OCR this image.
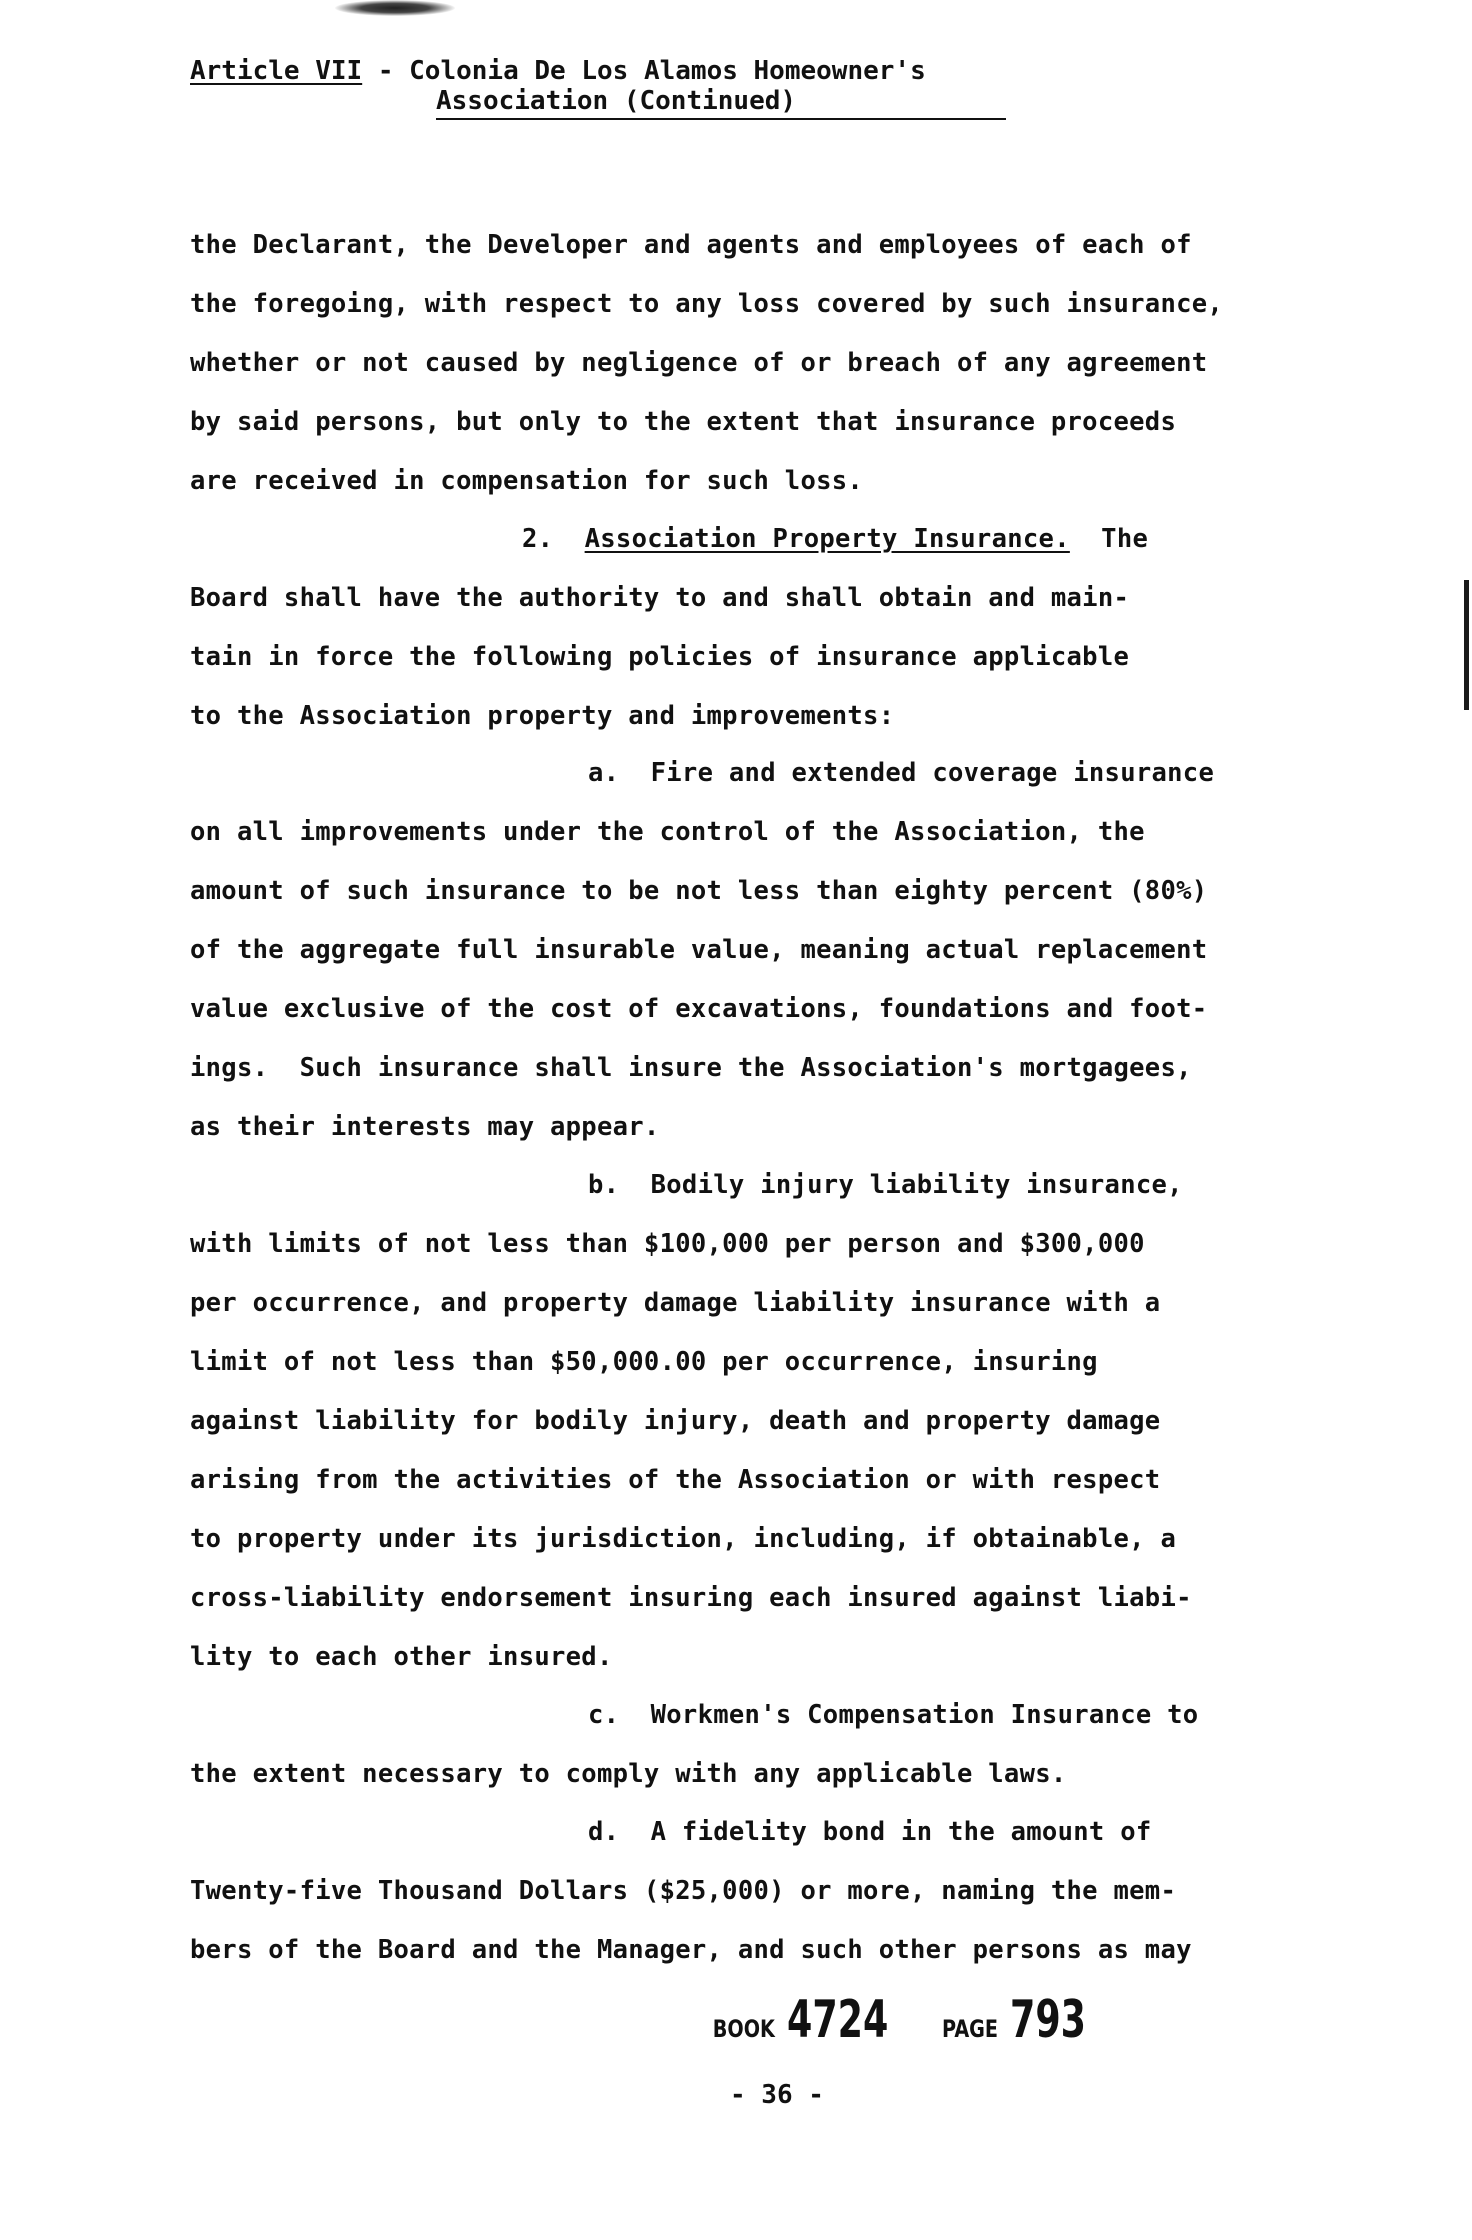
Article VII - Colonia De Los Alamos Homeowner's
Association (Continued)
the Declarant, the Developer and agents and employees of each of
the foregoing, with respect to any loss covered by such insurance,
whether or not caused by negligence of or breach of any agreement
by said persons, but only to the extent that insurance proceeds
are received in compensation for such loss.
2. Association Property Insurance. The
Board shall have the authority to and shall obtain and main-
tain in force the following policies of insurance applicable
to the Association property and improvements:
a. Fire and extended coverage insurance
on all improvements under the control of the Association, the
amount of such insurance to be not less than eighty percent (80%)
of the aggregate full insurable value, meaning actual replacement
value exclusive of the cost of excavations, foundations and foot-
ings.  Such insurance shall insure the Association's mortgagees,
as their interests may appear.
b. Bodily injury liability insurance,
with limits of not less than $100,000 per person and $300,000
per occurrence, and property damage liability insurance with a
limit of not less than $50,000.00 per occurrence, insuring
against liability for bodily injury, death and property damage
arising from the activities of the Association or with respect
to property under its jurisdiction, including, if obtainable, a
cross-liability endorsement insuring each insured against liabi-
lity to each other insured.
c. Workmen's Compensation Insurance to
the extent necessary to comply with any applicable laws.
d. A fidelity bond in the amount of
Twenty-five Thousand Dollars ($25,000) or more, naming the mem-
bers of the Board and the Manager, and such other persons as may
BOOK 4724 PAGE 793
- 36 -
